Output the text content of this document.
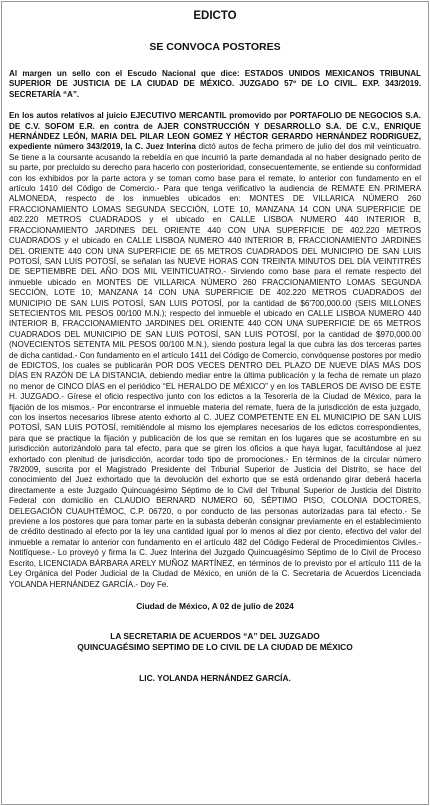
EDICTO
SE CONVOCA POSTORES

Al margen un sello con el Escudo Nacional que dice: ESTADOS UNIDOS MEXICANOS TRIBUNAL SUPERIOR DE JUSTICIA DE LA CIUDAD DE MÉXICO. JUZGADO 57º DE LO CIVIL. EXP. 343/2019. SECRETARÍA “A”.

En los autos relativos al juicio EJECUTIVO MERCANTIL promovido por PORTAFOLIO DE NEGOCIOS S.A. DE C.V. SOFOM E.R. en contra de AJER CONSTRUCCIÓN Y DESARROLLO S.A. DE C.V., ENRIQUE HERNÁNDEZ LEÓN, MARIA DEL PILAR LEON GOMEZ Y HÉCTOR GERARDO HERNÁNDEZ RODRIGUEZ, expediente número 343/2019, la C. Juez Interina dictó autos de fecha primero de julio del dos mil veinticuatro. Se tiene a la coursante acusando la rebeldía en que incurrió la parte demandada al no haber designado perito de su parte, por precluido su derecho para hacerlo con posterioridad, consecuentemente, se entiende su conformidad con los exhibidos por la parte actora y se toman como base para el remate, lo anterior con fundamento en el artículo 1410 del Código de Comercio.- Para que tenga verificativo la audiencia de REMATE EN PRIMERA ALMONEDA, respecto de los inmuebles ubicados en: MONTES DE VILLARICA NÚMERO 260 FRACCIONAMIENTO LOMAS SEGUNDA SECCIÓN, LOTE 10, MANZANA 14 CON UNA SUPERFICIE DE 402.220 METROS CUADRADOS y el ubicado en CALLE LISBOA NUMERO 440 INTERIOR B, FRACCIONAMIENTO JARDINES DEL ORIENTE 440 CON UNA SUPERFICIE DE 402.220 METROS CUADRADOS y el ubicado en CALLE LISBOA NUMERO 440 INTERIOR B, FRACCIONAMIENTO JARDINES DEL ORIENTE 440 CON UNA SUPERFICIE DE 65 METROS CUADRADOS DEL MUNICIPIO DE SAN LUIS POTOSÍ, SAN LUIS POTOSÍ, se señalan las NUEVE HORAS CON TREINTA MINUTOS DEL DÍA VEINTITRÉS DE SEPTIEMBRE DEL AÑO DOS MIL VEINTICUATRO.- Sirviendo como base para el remate respecto del inmueble ubicado en MONTES DE VILLARICA NÚMERO 260 FRACCIONAMIENTO LOMAS SEGUNDA SECCIÓN, LOTE 10, MANZANA 14 CON UNA SUPERFICIE DE 402.220 METROS CUADRADOS del MUNICIPIO DE SAN LUIS POTOSÍ, SAN LUIS POTOSÍ, por la cantidad de $6'700,000.00 (SEIS MILLONES SETECIENTOS MIL PESOS 00/100 M.N.); respecto del inmueble el ubicado en CALLE LISBOA NUMERO 440 INTERIOR B, FRACCIONAMIENTO JARDINES DEL ORIENTE 440 CON UNA SUPERFICIE DE 65 METROS CUADRADOS DEL MUNICIPIO DE SAN LUIS POTOSÍ, SAN LUIS POTOSÍ, por la cantidad de $970,000.00 (NOVECIENTOS SETENTA MIL PESOS 00/100 M.N.), siendo postura legal la que cubra las dos terceras partes de dicha cantidad.- Con fundamento en el artículo 1411 del Código de Comercio, convóquense postores por medio de EDICTOS, los cuales se publicarán POR DOS VECES DENTRO DEL PLAZO DE NUEVE DÍAS MÁS DOS DÍAS EN RAZÓN DE LA DISTANCIA, debiendo mediar entre la última publicación y la fecha de remate un plazo no menor de CINCO DÍAS en el periódico “EL HERALDO DE MÉXICO” y en los TABLEROS DE AVISO DE ESTE H. JUZGADO.- Gírese el oficio respectivo junto con los edictos a la Tesorería de la Ciudad de México, para la fijación de los mismos.- Por encontrarse el inmueble materia del remate, fuera de la jurisdicción de esta juzgado, con los insertos necesarios líbrese atento exhorto al C. JUEZ COMPETENTE EN EL MUNICIPIO DE SAN LUIS POTOSÍ, SAN LUIS POTOSÍ, remitiéndole al mismo los ejemplares necesarios de los edictos correspondientes, para que se practique la fijación y publicación de los que se remitan en los lugares que se acostumbre en su jurisdicción autorizándolo para tal efecto, para que se giren los oficios a que haya lugar, facultándose al juez exhortado con plenitud de jurisdicción, acordar todo tipo de promociones.- En términos de la circular número 78/2009, suscrita por el Magistrado Presidente del Tribunal Superior de Justicia del Distrito, se hace del conocimiento del Juez exhortado que la devolución del exhorto que se está ordenando girar deberá hacerla directamente a este Juzgado Quincuagésimo Séptimo de lo Civil del Tribunal Superior de Justicia del Distrito Federal con domicilio en CLAUDIO BERNARD NUMERO 60, SÉPTIMO PISO, COLONIA DOCTORES, DELEGACIÓN CUAUHTÉMOC, C.P. 06720, o por conducto de las personas autorizadas para tal efecto.- Se previene a los postores que para tomar parte en la subasta deberán consignar previamente en el establecimiento de crédito destinado al efecto por la ley una cantidad igual por lo menos al diez por ciento, efectivo del valor del inmueble a rematar lo anterior con fundamento en el artículo 482 del Código Federal de Procedimientos Civiles.- Notifíquese.- Lo proveyó y firma la C. Juez Interina del Juzgado Quincuagésimo Séptimo de lo Civil de Proceso Escrito, LICENCIADA BÁRBARA ARELY MUÑOZ MARTÍNEZ, en términos de lo previsto por el artículo 111 de la Ley Orgánica del Poder Judicial de la Ciudad de México, en unión de la C. Secretaria de Acuerdos Licenciada YOLANDA HERNÁNDEZ GARCÍA.- Doy Fe.

Ciudad de México, A 02 de julio de 2024
LA SECRETARIA DE ACUERDOS “A” DEL JUZGADO
QUINCUAGÉSIMO SEPTIMO DE LO CIVIL DE LA CIUDAD DE MÉXICO
LIC. YOLANDA HERNÁNDEZ GARCÍA.
